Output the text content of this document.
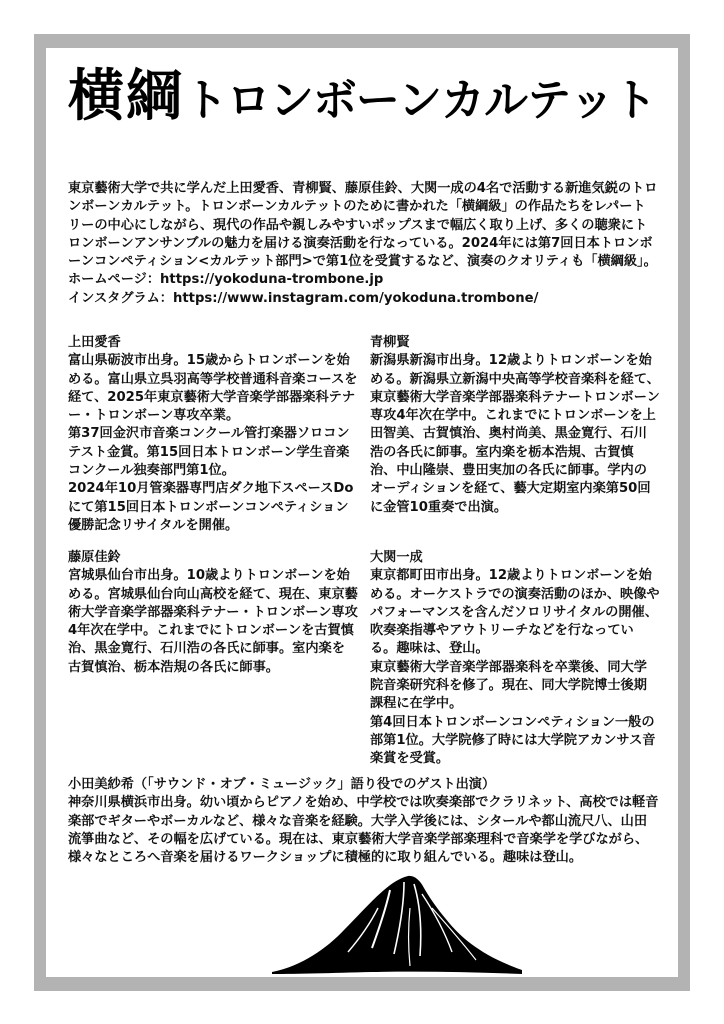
横綱トロンボーンカルテット

東京藝術大学で共に学んだ上田愛香、青柳賢、藤原佳鈴、大関一成の4名で活動する新進気鋭のトロンボーンカルテット。トロンボーンカルテットのために書かれた「横綱級」の作品たちをレパートリーの中心にしながら、現代の作品や親しみやすいポップスまで幅広く取り上げ、多くの聴衆にトロンボーンアンサンブルの魅力を届ける演奏活動を行なっている。2024年には第7回日本トロンボーンコンペティション<カルテット部門>で第1位を受賞するなど、演奏のクオリティも「横綱級」。

ホームページ：https://yokoduna-trombone.jp

インスタグラム：https://www.instagram.com/yokoduna.trombone/

上田愛香

富山県砺波市出身。15歳からトロンボーンを始める。富山県立呉羽高等学校普通科音楽コースを経て、2025年東京藝術大学音楽学部器楽科テナー・トロンボーン専攻卒業。

第37回金沢市音楽コンクール管打楽器ソロコンテスト金賞。第15回日本トロンボーン学生音楽コンクール独奏部門第1位。

2024年10月管楽器専門店ダク地下スペースDoにて第15回日本トロンボーンコンペティション優勝記念リサイタルを開催。

青柳賢

新潟県新潟市出身。12歳よりトロンボーンを始める。新潟県立新潟中央高等学校音楽科を経て、東京藝術大学音楽学部器楽科テナートロンボーン専攻4年次在学中。これまでにトロンボーンを上田智美、古賀慎治、奥村尚美、黒金寛行、石川浩の各氏に師事。室内楽を栃本浩規、古賀慎治、中山隆崇、豊田実加の各氏に師事。学内のオーディションを経て、藝大定期室内楽第50回に金管10重奏で出演。

藤原佳鈴

宮城県仙台市出身。10歳よりトロンボーンを始める。宮城県仙台向山高校を経て、現在、東京藝術大学音楽学部器楽科テナー・トロンボーン専攻4年次在学中。これまでにトロンボーンを古賀慎治、黒金寛行、石川浩の各氏に師事。室内楽を古賀慎治、栃本浩規の各氏に師事。

大関一成

東京都町田市出身。12歳よりトロンボーンを始める。オーケストラでの演奏活動のほか、映像やパフォーマンスを含んだソロリサイタルの開催、吹奏楽指導やアウトリーチなどを行なっている。趣味は、登山。

東京藝術大学音楽学部器楽科を卒業後、同大学院音楽研究科を修了。現在、同大学院博士後期課程に在学中。

第4回日本トロンボーンコンペティション一般の部第1位。大学院修了時には大学院アカンサス音楽賞を受賞。

小田美紗希（「サウンド・オブ・ミュージック」語り役でのゲスト出演）

神奈川県横浜市出身。幼い頃からピアノを始め、中学校では吹奏楽部でクラリネット、高校では軽音楽部でギターやボーカルなど、様々な音楽を経験。大学入学後には、シタールや都山流尺八、山田流箏曲など、その幅を広げている。現在は、東京藝術大学音楽学部楽理科で音楽学を学びながら、様々なところへ音楽を届けるワークショップに積極的に取り組んでいる。趣味は登山。
